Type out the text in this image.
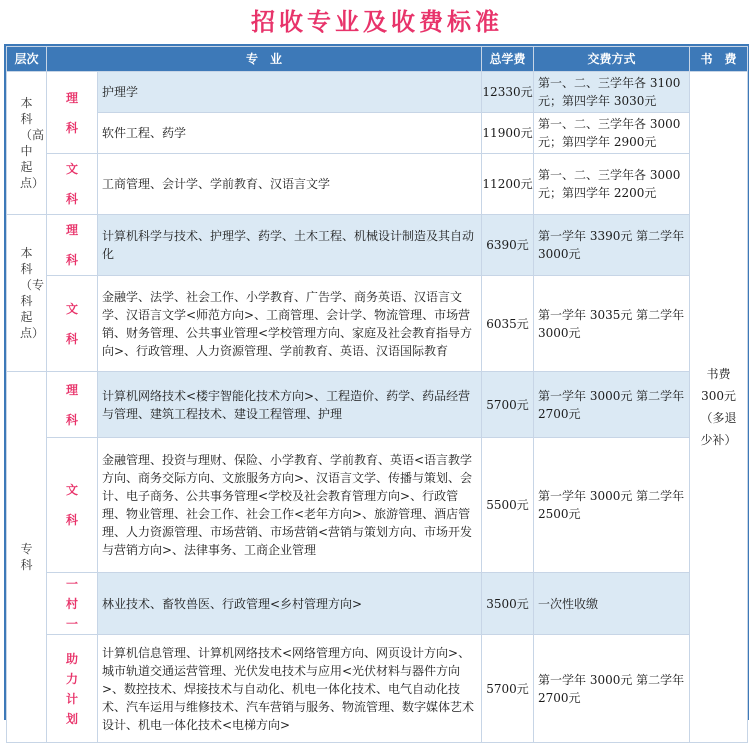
招收专业及收费标准
层次	专　业		总学费	交费方式	书　费
本科（高中起点）	理科	护理学	12330元	第一、二、三学年各 3100元；第四学年 3030元	书费300元（多退少补）
		软件工程、药学	11900元	第一、二、三学年各 3000元；第四学年 2900元	
	文科	工商管理、会计学、学前教育、汉语言文学	11200元	第一、二、三学年各 3000元；第四学年 2200元	
本科（专科起点）	理科	计算机科学与技术、护理学、药学、土木工程、机械设计制造及其自动化	6390元	第一学年 3390元 第二学年 3000元	
	文科	金融学、法学、社会工作、小学教育、广告学、商务英语、汉语言文学、汉语言文学<师范方向>、工商管理、会计学、物流管理、市场营销、财务管理、公共事业管理<学校管理方向、家庭及社会教育指导方向>、行政管理、人力资源管理、学前教育、英语、汉语国际教育	6035元	第一学年 3035元 第二学年 3000元	
专　科	理科	计算机网络技术<楼宇智能化技术方向>、工程造价、药学、药品经营与管理、建筑工程技术、建设工程管理、护理	5700元	第一学年 3000元 第二学年 2700元	
	文科	金融管理、投资与理财、保险、小学教育、学前教育、英语<语言教学方向、商务交际方向、文旅服务方向>、汉语言文学、传播与策划、会计、电子商务、公共事务管理<学校及社会教育管理方向>、行政管理、物业管理、社会工作、社会工作<老年方向>、旅游管理、酒店管理、人力资源管理、市场营销、市场营销<营销与策划方向、市场开发与营销方向>、法律事务、工商企业管理	5500元	第一学年 3000元 第二学年 2500元	
	一村一	林业技术、畜牧兽医、行政管理<乡村管理方向>	3500元	一次性收缴	
	助力计划	计算机信息管理、计算机网络技术<网络管理方向、网页设计方向>、城市轨道交通运营管理、光伏发电技术与应用<光伏材料与器件方向>、数控技术、焊接技术与自动化、机电一体化技术、电气自动化技术、汽车运用与维修技术、汽车营销与服务、物流管理、数字媒体艺术设计、机电一体化技术<电梯方向>	5700元	第一学年 3000元 第二学年 2700元	
